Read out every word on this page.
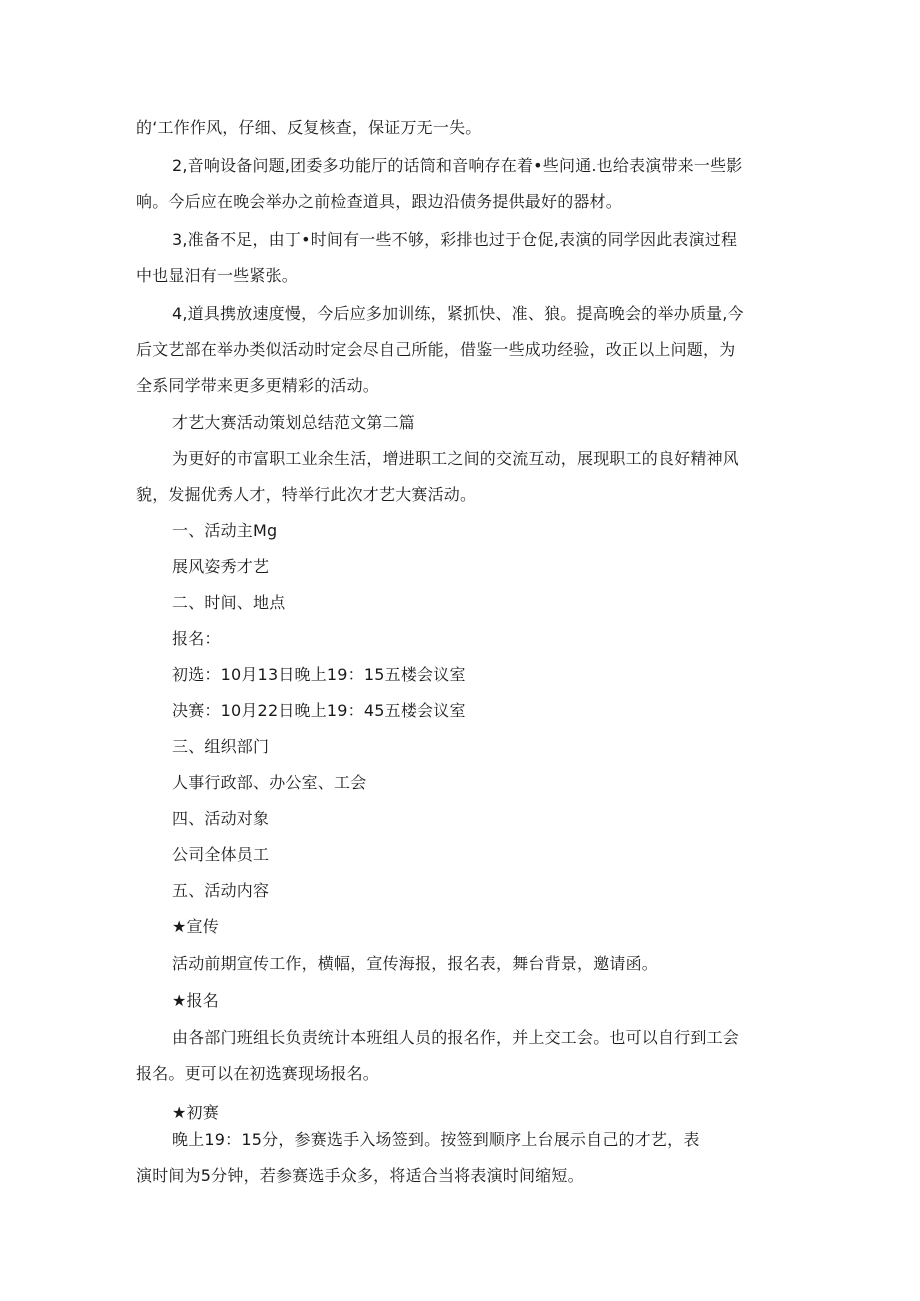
的‘工作作风，仔细、反复核查，保证万无一失。
2,音响设备问题,团委多功能厅的话筒和音响存在着•些问通.也给表演带来一些影
响。今后应在晚会举办之前检查道具，跟边沿债务提供最好的器材。
3,准备不足，由丁•时间有一些不够，彩排也过于仓促,表演的同学因此表演过程
中也显汨有一些紧张。
4,道具携放速度慢，今后应多加训练，紧抓快、准、狼。提高晚会的举办质量,今
后文艺部在举办类似活动时定会尽自己所能，借鉴一些成功经验，改正以上问题，为
全系同学带来更多更精彩的活动。
才艺大赛活动策划总结范文第二篇
为更好的市富职工业余生活，增进职工之间的交流互动，展现职工的良好精神风
貌，发掘优秀人才，特举行此次才艺大赛活动。
一、活动主Mg
展风姿秀才艺
二、时间、地点
报名：
初选：10月13日晚上19：15五楼会议室
决赛：10月22日晚上19：45五楼会议室
三、组织部门
人事行政部、办公室、工会
四、活动对象
公司全体员工
五、活动内容
★宣传
活动前期宣传工作，横幅，宣传海报，报名表，舞台背景，邀请函。
★报名
由各部门班组长负责统计本班组人员的报名作，并上交工会。也可以自行到工会
报名。更可以在初选赛现场报名。
★初赛
晚上19：15分，参赛选手入场签到。按签到顺序上台展示自己的才艺，表
演时间为5分钟，若参赛选手众多，将适合当将表演时间缩短。
